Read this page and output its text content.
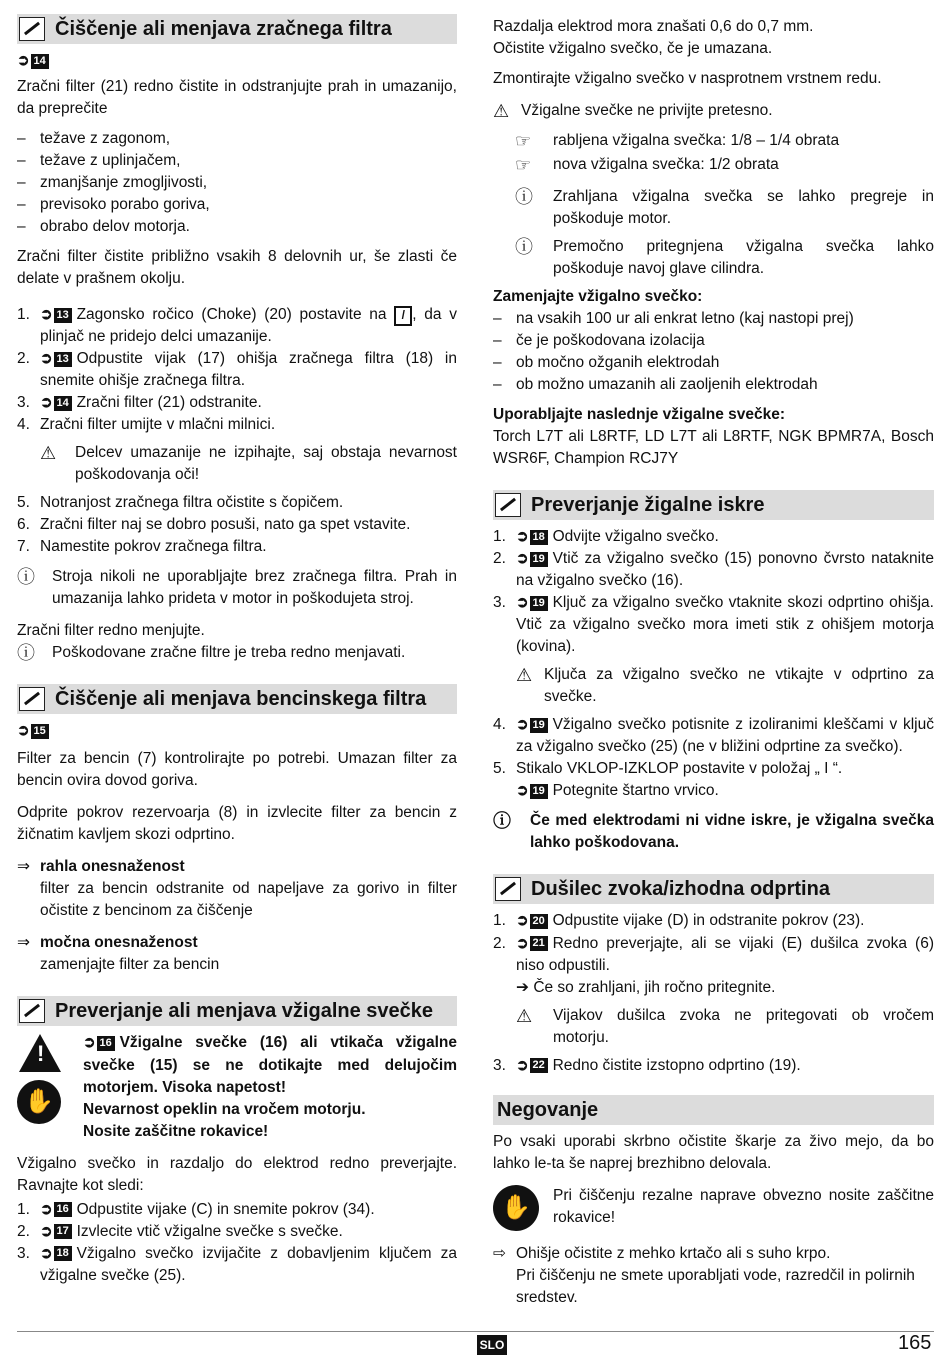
Čiščenje ali menjava zračnega filtra
➲ 14

Zračni filter (21) redno čistite in odstranjujte prah in umazanijo, da preprečite

– težave z zagonom,
– težave z uplinjačem,
– zmanjšanje zmogljivosti,
– previsoko porabo goriva,
– obrabo delov motorja.

Zračni filter čistite približno vsakih 8 delovnih ur, še zlasti če delate v prašnem okolju.

1. ➲ 13 Zagonsko ročico (Choke) (20) postavite na / , da v plinjač ne pridejo delci umazanije.
2. ➲ 13 Odpustite vijak (17) ohišja zračnega filtra (18) in snemite ohišje zračnega filtra.
3. ➲ 14 Zračni filter (21) odstranite.
4. Zračni filter umijte v mlačni milnici.
⚠	Delcev umazanije ne izpihajte, saj obstaja nevarnost poškodovanja oči!
5. Notranjost zračnega filtra očistite s čopičem.
6. Zračni filter naj se dobro posuši, nato ga spet vstavite.
7. Namestite pokrov zračnega filtra.
ⓘ	Stroja nikoli ne uporabljajte brez zračnega filtra. Prah in umazanija lahko prideta v motor in poškodujeta stroj.

Zračni filter redno menjujte.

ⓘ	Poškodovane zračne filtre je treba redno menjavati.
Čiščenje ali menjava bencinskega filtra
➲ 15

Filter za bencin (7) kontrolirajte po potrebi. Umazan filter za bencin ovira dovod goriva.

Odprite pokrov rezervoarja (8) in izvlecite filter za bencin z žičnatim kavljem skozi odprtino.

⇒ rahla onesnaženost

filter za bencin odstranite od napeljave za gorivo in filter očistite z bencinom za čiščenje

⇒ močna onesnaženost

zamenjajte filter za bencin

Preverjanje ali menjava vžigalne svečke
!
✋
➲ 16 Vžigalne svečke (16) ali vtikača vžigalne svečke (15) se ne dotikajte med delujočim motorjem. Visoka napetost!
Nevarnost opeklin na vročem motorju.
Nosite zaščitne rokavice!

Vžigalno svečko in razdaljo do elektrod redno preverjajte. Ravnajte kot sledi:

1. ➲ 16 Odpustite vijake (C) in snemite pokrov (34).
2. ➲ 17 Izvlecite vtič vžigalne svečke s svečke.
3. ➲ 18 Vžigalno svečko izvijačite z dobavljenim ključem za vžigalne svečke (25).
Razdalja elektrod mora znašati 0,6 do 0,7 mm.

Očistite vžigalno svečko, če je umazana.

Zmontirajte vžigalno svečko v nasprotnem vrstnem redu.

⚠ Vžigalne svečke ne privijte pretesno.
☞	rabljena vžigalna svečka: 1/8 – 1/4 obrata
☞	nova vžigalna svečka: 1/2 obrata
ⓘ	Zrahljana vžigalna svečka se lahko pregreje in poškoduje motor.
ⓘ	Premočno pritegnjena vžigalna svečka lahko poškoduje navoj glave cilindra.
Zamenjajte vžigalno svečko:
– na vsakih 100 ur ali enkrat letno (kaj nastopi prej)
– če je poškodovana izolacija
– ob močno ožganih elektrodah
– ob možno umazanih ali zaoljenih elektrodah
Uporabljajte naslednje vžigalne svečke:

Torch L7T ali L8RTF, LD L7T ali L8RTF, NGK BPMR7A, Bosch WSR6F, Champion RCJ7Y

Preverjanje žigalne iskre
1. ➲ 18 Odvijte vžigalno svečko.
2. ➲ 19 Vtič za vžigalno svečko (15) ponovno čvrsto nataknite na vžigalno svečko (16).
3. ➲ 19 Ključ za vžigalno svečko vtaknite skozi odprtino ohišja. Vtič za vžigalno svečko mora imeti stik z ohišjem motorja (kovina).
⚠ Ključa za vžigalno svečko ne vtikajte v odprtino za svečke.
4. ➲ 19 Vžigalno svečko potisnite z izoliranimi kleščami v ključ za vžigalno svečko (25) (ne v bližini odprtine za svečko).
5. Stikalo VKLOP-IZKLOP postavite v položaj „ I “.

➲ 19 Potegnite štartno vrvico.
ⓘ	Če med elektrodami ni vidne iskre, je vžigalna svečka lahko poškodovana.
Dušilec zvoka/izhodna odprtina
1. ➲ 20 Odpustite vijake (D) in odstranite pokrov (23).
2. ➲ 21 Redno preverjajte, ali se vijaki (E) dušilca zvoka (6) niso odpustili.
➔ Če so zrahljani, jih ročno pritegnite.
⚠	Vijakov dušilca zvoka ne pritegovati ob vročem motorju.
3. ➲ 22 Redno čistite izstopno odprtino (19).
Negovanje

Po vsaki uporabi skrbno očistite škarje za živo mejo, da bo lahko le-ta še naprej brezhibno delovala.

✋	Pri čiščenju rezalne naprave obvezno nosite zaščitne rokavice!
⇨ Ohišje očistite z mehko krtačo ali s suho krpo.
Pri čiščenju ne smete uporabljati vode, razredčil in polirnih sredstev.
SLO	165
